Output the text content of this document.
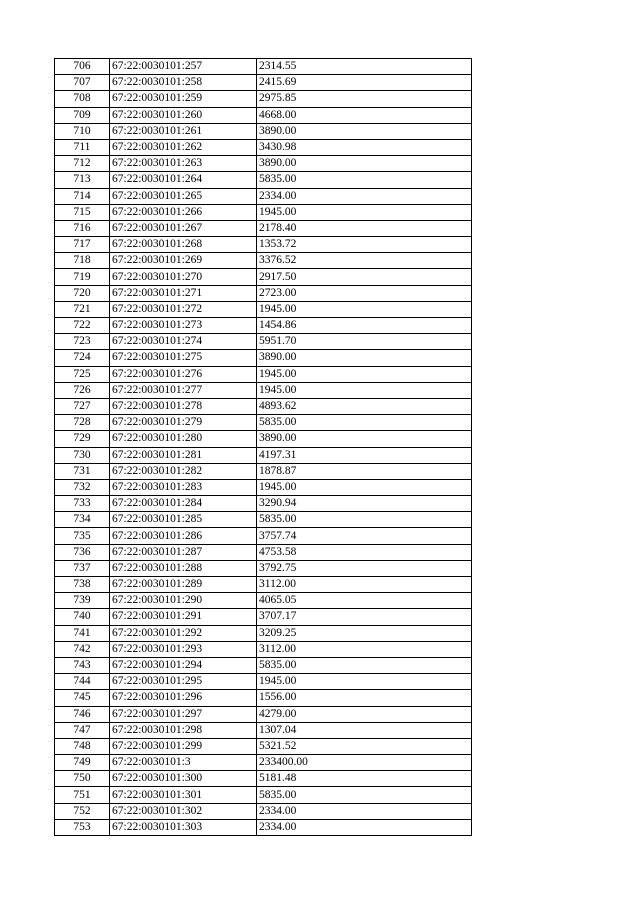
706	67:22:0030101:257	2314.55
707	67:22:0030101:258	2415.69
708	67:22:0030101:259	2975.85
709	67:22:0030101:260	4668.00
710	67:22:0030101:261	3890.00
711	67:22:0030101:262	3430.98
712	67:22:0030101:263	3890.00
713	67:22:0030101:264	5835.00
714	67:22:0030101:265	2334.00
715	67:22:0030101:266	1945.00
716	67:22:0030101:267	2178.40
717	67:22:0030101:268	1353.72
718	67:22:0030101:269	3376.52
719	67:22:0030101:270	2917.50
720	67:22:0030101:271	2723.00
721	67:22:0030101:272	1945.00
722	67:22:0030101:273	1454.86
723	67:22:0030101:274	5951.70
724	67:22:0030101:275	3890.00
725	67:22:0030101:276	1945.00
726	67:22:0030101:277	1945.00
727	67:22:0030101:278	4893.62
728	67:22:0030101:279	5835.00
729	67:22:0030101:280	3890.00
730	67:22:0030101:281	4197.31
731	67:22:0030101:282	1878.87
732	67:22:0030101:283	1945.00
733	67:22:0030101:284	3290.94
734	67:22:0030101:285	5835.00
735	67:22:0030101:286	3757.74
736	67:22:0030101:287	4753.58
737	67:22:0030101:288	3792.75
738	67:22:0030101:289	3112.00
739	67:22:0030101:290	4065.05
740	67:22:0030101:291	3707.17
741	67:22:0030101:292	3209.25
742	67:22:0030101:293	3112.00
743	67:22:0030101:294	5835.00
744	67:22:0030101:295	1945.00
745	67:22:0030101:296	1556.00
746	67:22:0030101:297	4279.00
747	67:22:0030101:298	1307.04
748	67:22:0030101:299	5321.52
749	67:22:0030101:3	233400.00
750	67:22:0030101:300	5181.48
751	67:22:0030101:301	5835.00
752	67:22:0030101:302	2334.00
753	67:22:0030101:303	2334.00
